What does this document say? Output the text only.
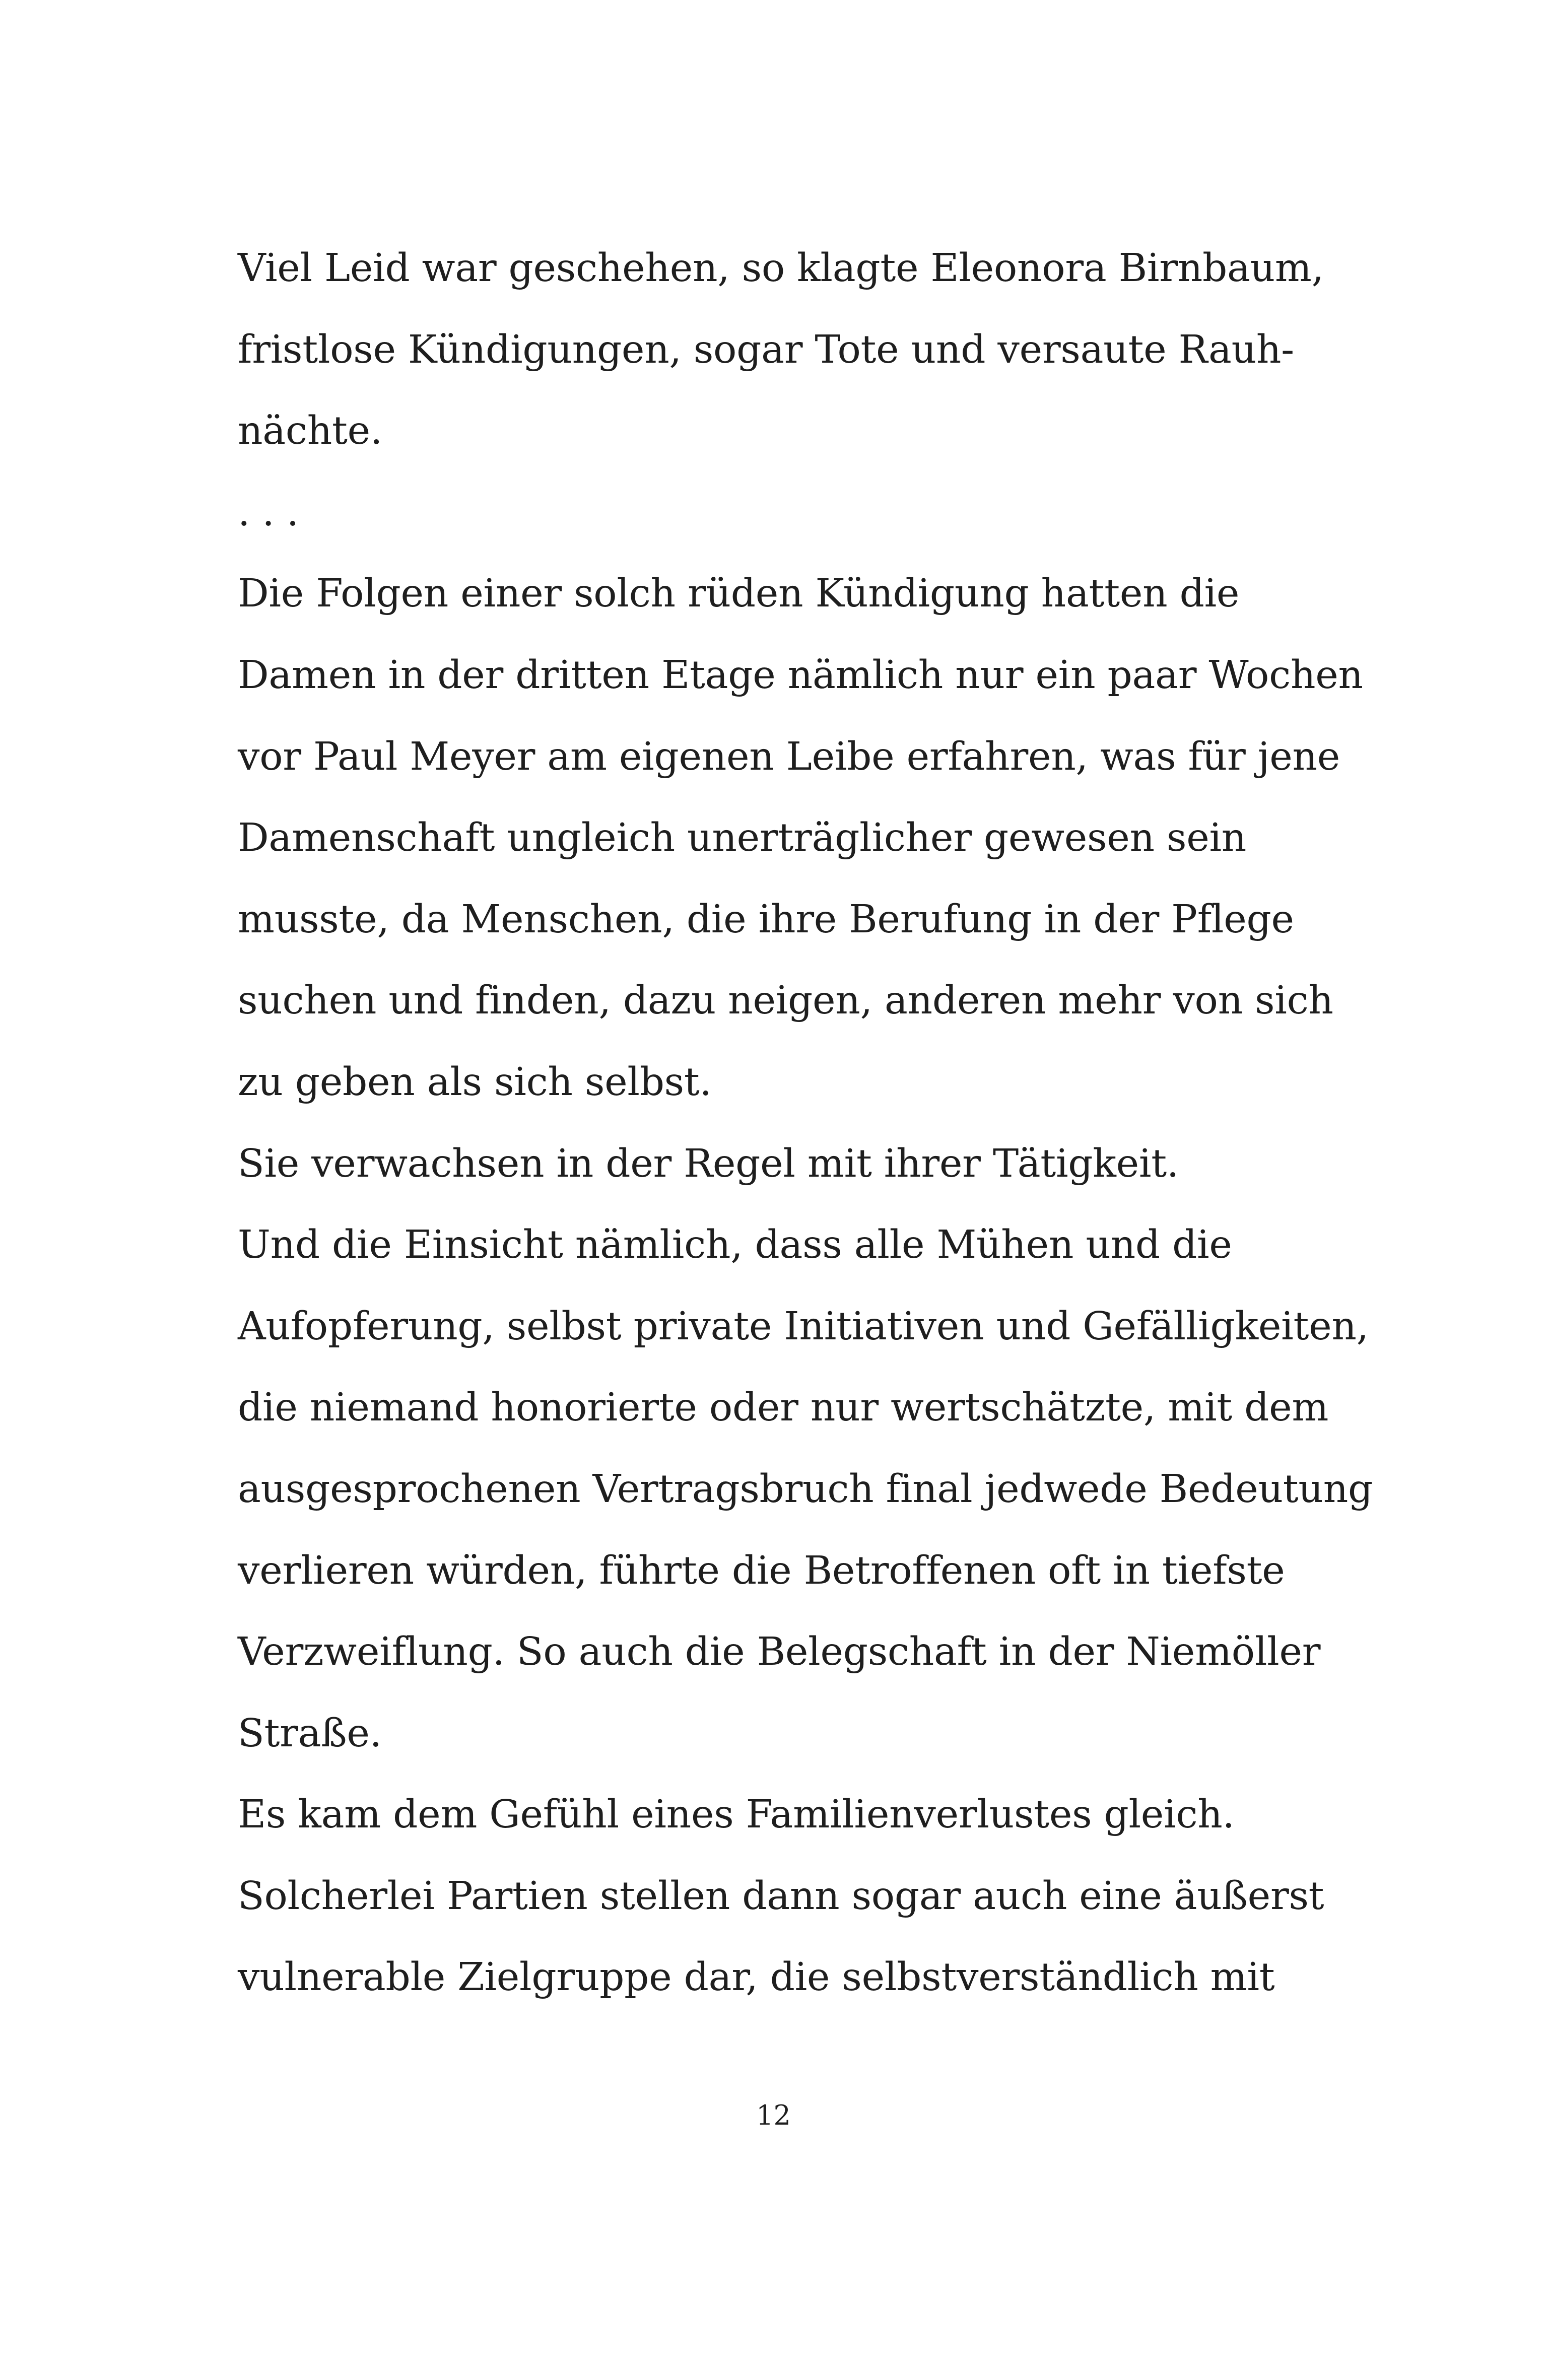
Viel Leid war geschehen, so klagte Eleonora Birnbaum,
fristlose Kündigungen, sogar Tote und versaute Rauh-
nächte.
. . .
Die Folgen einer solch rüden Kündigung hatten die
Damen in der dritten Etage nämlich nur ein paar Wochen
vor Paul Meyer am eigenen Leibe erfahren, was für jene
Damenschaft ungleich unerträglicher gewesen sein
musste, da Menschen, die ihre Berufung in der Pflege
suchen und finden, dazu neigen, anderen mehr von sich
zu geben als sich selbst.
Sie verwachsen in der Regel mit ihrer Tätigkeit.
Und die Einsicht nämlich, dass alle Mühen und die
Aufopferung, selbst private Initiativen und Gefälligkeiten,
die niemand honorierte oder nur wertschätzte, mit dem
ausgesprochenen Vertragsbruch final jedwede Bedeutung
verlieren würden, führte die Betroffenen oft in tiefste
Verzweiflung. So auch die Belegschaft in der Niemöller
Straße.
Es kam dem Gefühl eines Familienverlustes gleich.
Solcherlei Partien stellen dann sogar auch eine äußerst
vulnerable Zielgruppe dar, die selbstverständlich mit
12
